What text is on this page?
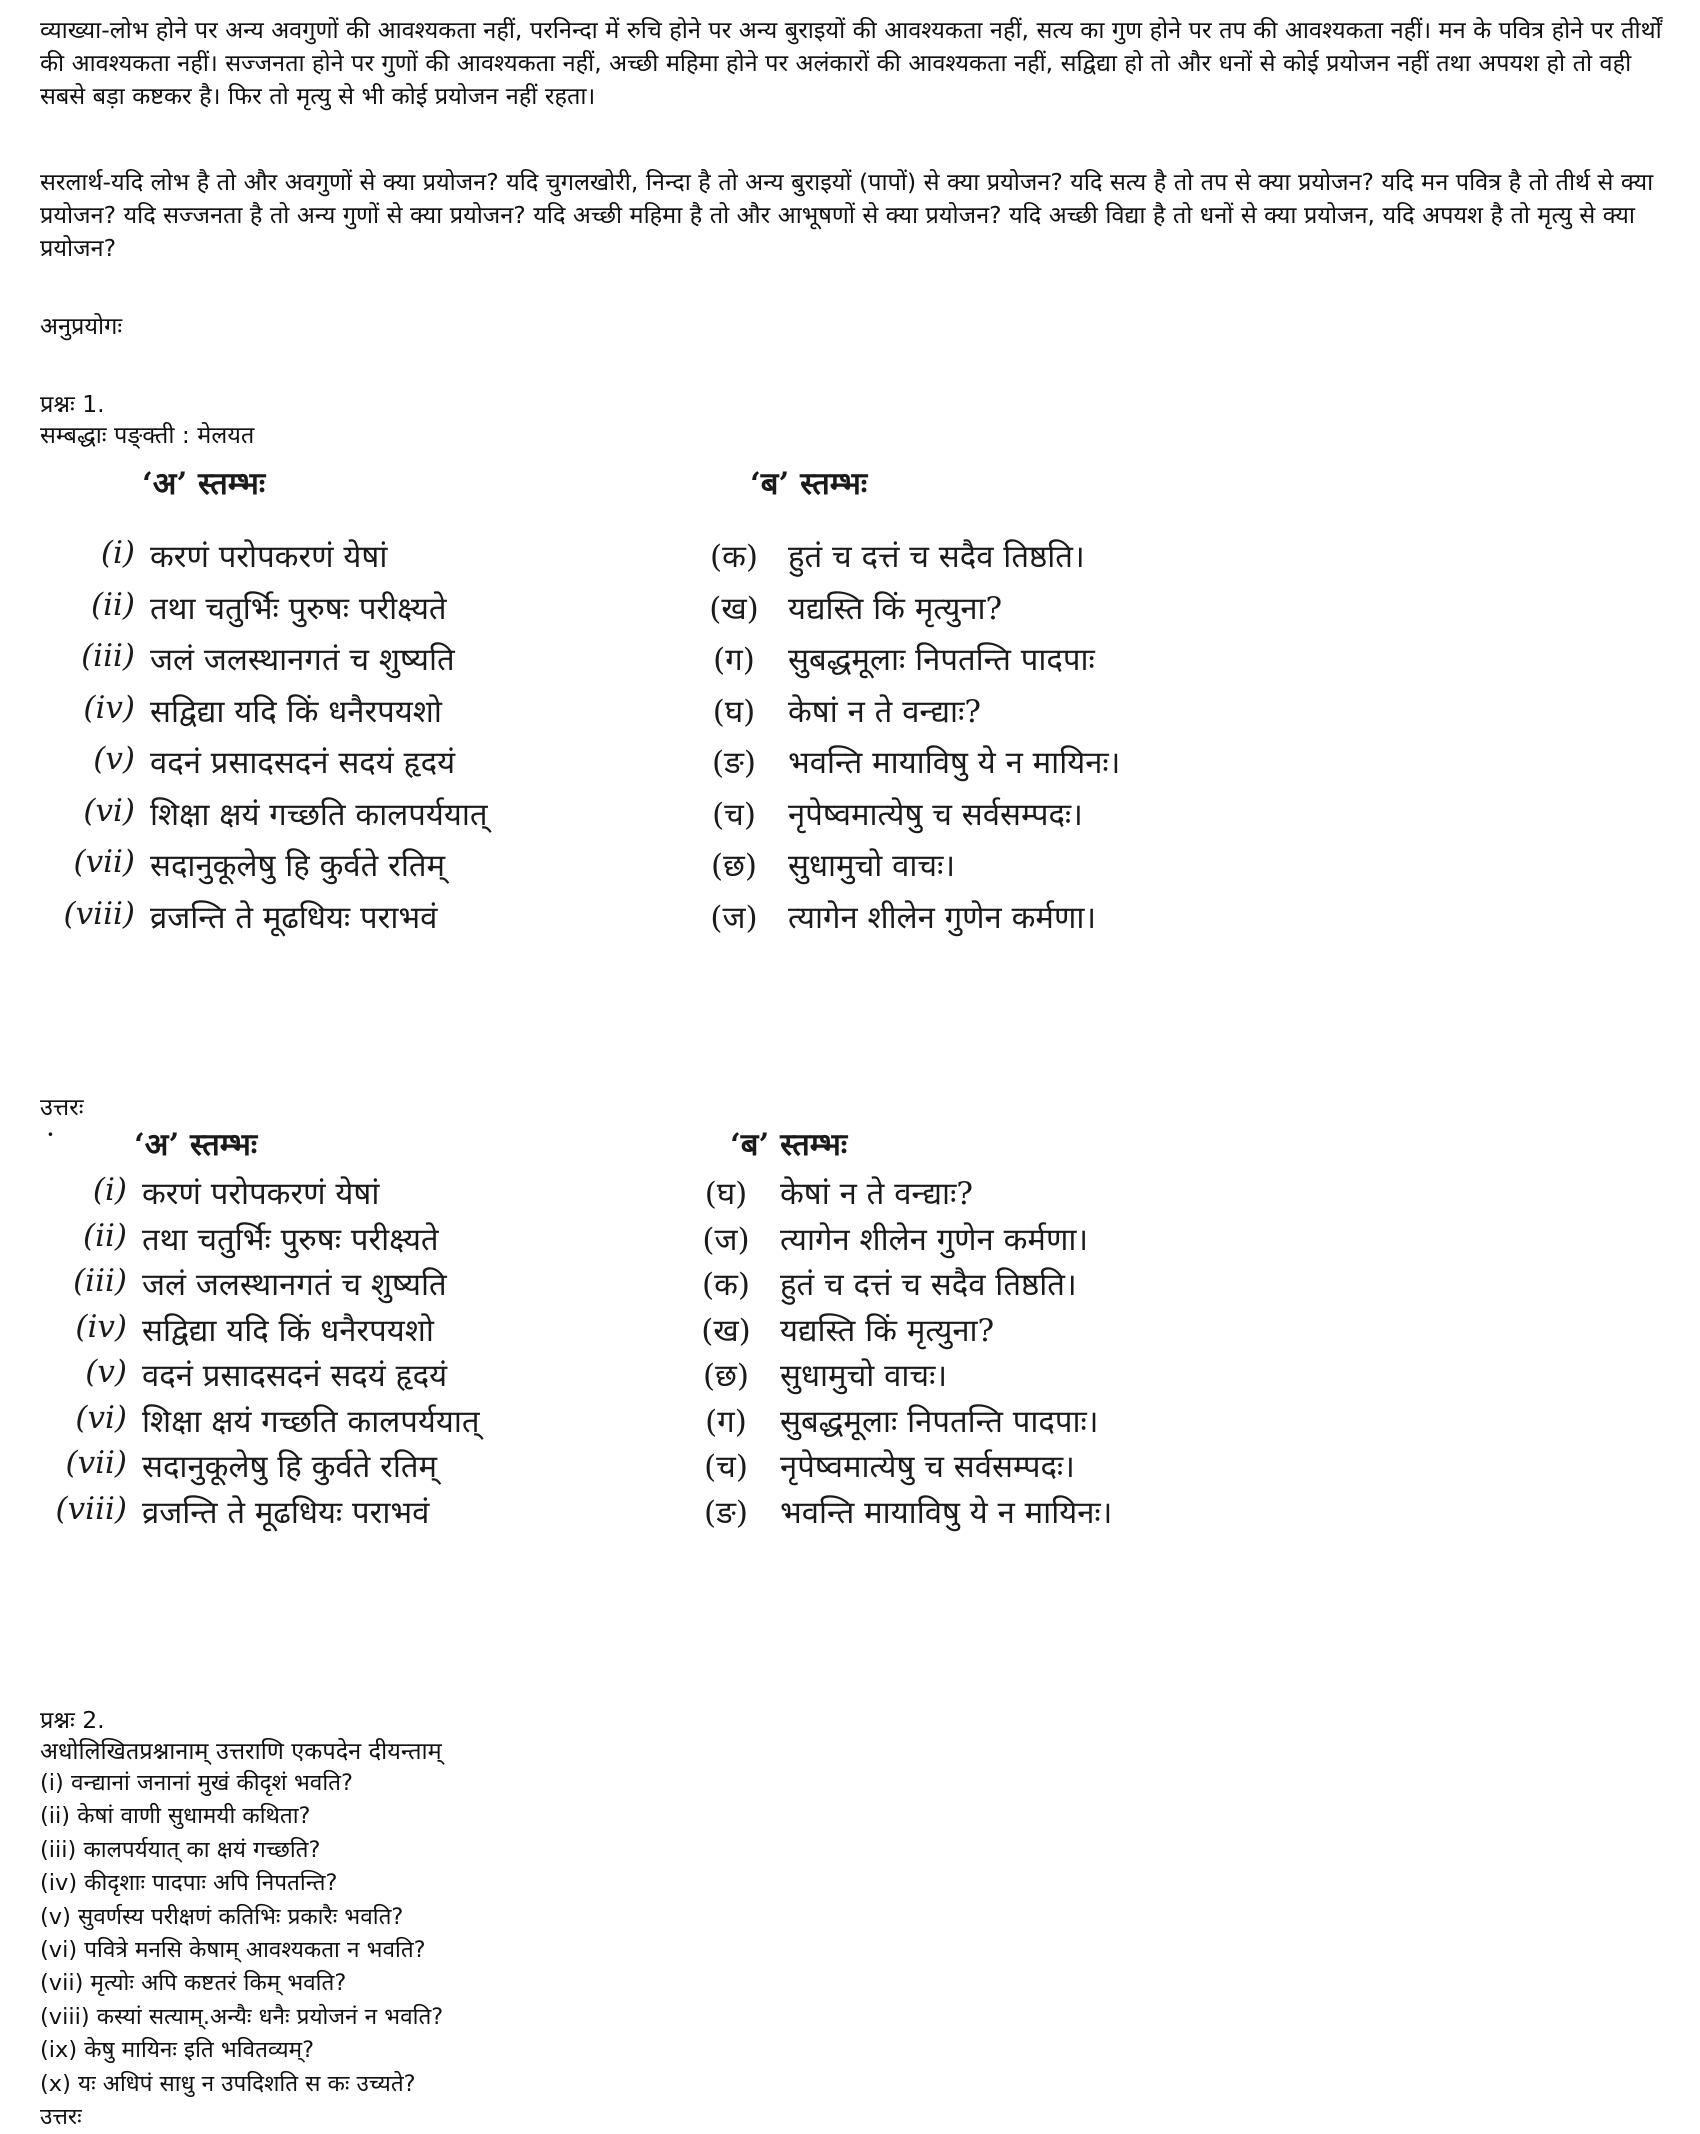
व्याख्या-लोभ होने पर अन्य अवगुणों की आवश्यकता नहीं, परनिन्दा में रुचि होने पर अन्य बुराइयों की आवश्यकता नहीं, सत्य का गुण होने पर तप की आवश्यकता नहीं। मन के पवित्र होने पर तीर्थों की आवश्यकता नहीं। सज्जनता होने पर गुणों की आवश्यकता नहीं, अच्छी महिमा होने पर अलंकारों की आवश्यकता नहीं, सद्विद्या हो तो और धनों से कोई प्रयोजन नहीं तथा अपयश हो तो वही सबसे बड़ा कष्टकर है। फिर तो मृत्यु से भी कोई प्रयोजन नहीं रहता।

सरलार्थ-यदि लोभ है तो और अवगुणों से क्या प्रयोजन? यदि चुगलखोरी, निन्दा है तो अन्य बुराइयों (पापों) से क्या प्रयोजन? यदि सत्य है तो तप से क्या प्रयोजन? यदि मन पवित्र है तो तीर्थ से क्या प्रयोजन? यदि सज्जनता है तो अन्य गुणों से क्या प्रयोजन? यदि अच्छी महिमा है तो और आभूषणों से क्या प्रयोजन? यदि अच्छी विद्या है तो धनों से क्या प्रयोजन, यदि अपयश है तो मृत्यु से क्या प्रयोजन?

अनुप्रयोगः
प्रश्नः 1.
सम्बद्धाः पङ्क्ती : मेलयत
‘अ’ स्तम्भः	‘ब’ स्तम्भः
(i) करणं परोपकरणं येषां	(क) हुतं च दत्तं च सदैव तिष्ठति।
(ii) तथा चतुर्भिः पुरुषः परीक्ष्यते	(ख) यद्यस्ति किं मृत्युना?
(iii) जलं जलस्थानगतं च शुष्यति	(ग)	सुबद्धमूलाः निपतन्ति पादपाः
(iv) सद्विद्या यदि किं धनैरपयशो	(घ)	केषां न ते वन्द्याः?
(v) वदनं प्रसादसदनं सदयं हृदयं	(ङ)	भवन्ति मायाविषु ये न मायिनः।
(vi) शिक्षा क्षयं गच्छति कालपर्ययात्	(च)	नृपेष्वमात्येषु च सर्वसम्पदः।
(vii) सदानुकूलेषु हि कुर्वते रतिम्	(छ)	सुधामुचो वाचः।
(viii) व्रजन्ति ते मूढधियः पराभवं	(ज) त्यागेन शीलेन गुणेन कर्मणा।
उत्तरः
·	‘अ’ स्तम्भः	‘ब’ स्तम्भः
(i) करणं परोपकरणं येषां	(घ)	केषां न ते वन्द्याः?
(ii) तथा चतुर्भिः पुरुषः परीक्ष्यते	(ज) त्यागेन शीलेन गुणेन कर्मणा।
(iii) जलं जलस्थानगतं च शुष्यति	(क) हुतं च दत्तं च सदैव तिष्ठति।
(iv) सद्विद्या यदि किं धनैरपयशो	(ख) यद्यस्ति किं मृत्युना?
(v) वदनं प्रसादसदनं सदयं हृदयं	(छ)	सुधामुचो वाचः।
(vi) शिक्षा क्षयं गच्छति कालपर्ययात्	(ग)	सुबद्धमूलाः निपतन्ति पादपाः।
(vii) सदानुकूलेषु हि कुर्वते रतिम्	(च)	नृपेष्वमात्येषु च सर्वसम्पदः।
(viii) व्रजन्ति ते मूढधियः पराभवं	(ङ)	भवन्ति मायाविषु ये न मायिनः।
प्रश्नः 2.
अधोलिखितप्रश्नानाम् उत्तराणि एकपदेन दीयन्ताम्
(i) वन्द्यानां जनानां मुखं कीदृशं भवति?
(ii) केषां वाणी सुधामयी कथिता?
(iii) कालपर्ययात् का क्षयं गच्छति?
(iv) कीदृशाः पादपाः अपि निपतन्ति?
(v) सुवर्णस्य परीक्षणं कतिभिः प्रकारैः भवति?
(vi) पवित्रे मनसि केषाम् आवश्यकता न भवति?
(vii) मृत्योः अपि कष्टतरं किम् भवति?
(viii) कस्यां सत्याम्.अन्यैः धनैः प्रयोजनं न भवति?
(ix) केषु मायिनः इति भवितव्यम्?
(x) यः अधिपं साधु न उपदिशति स कः उच्यते?
उत्तरः
